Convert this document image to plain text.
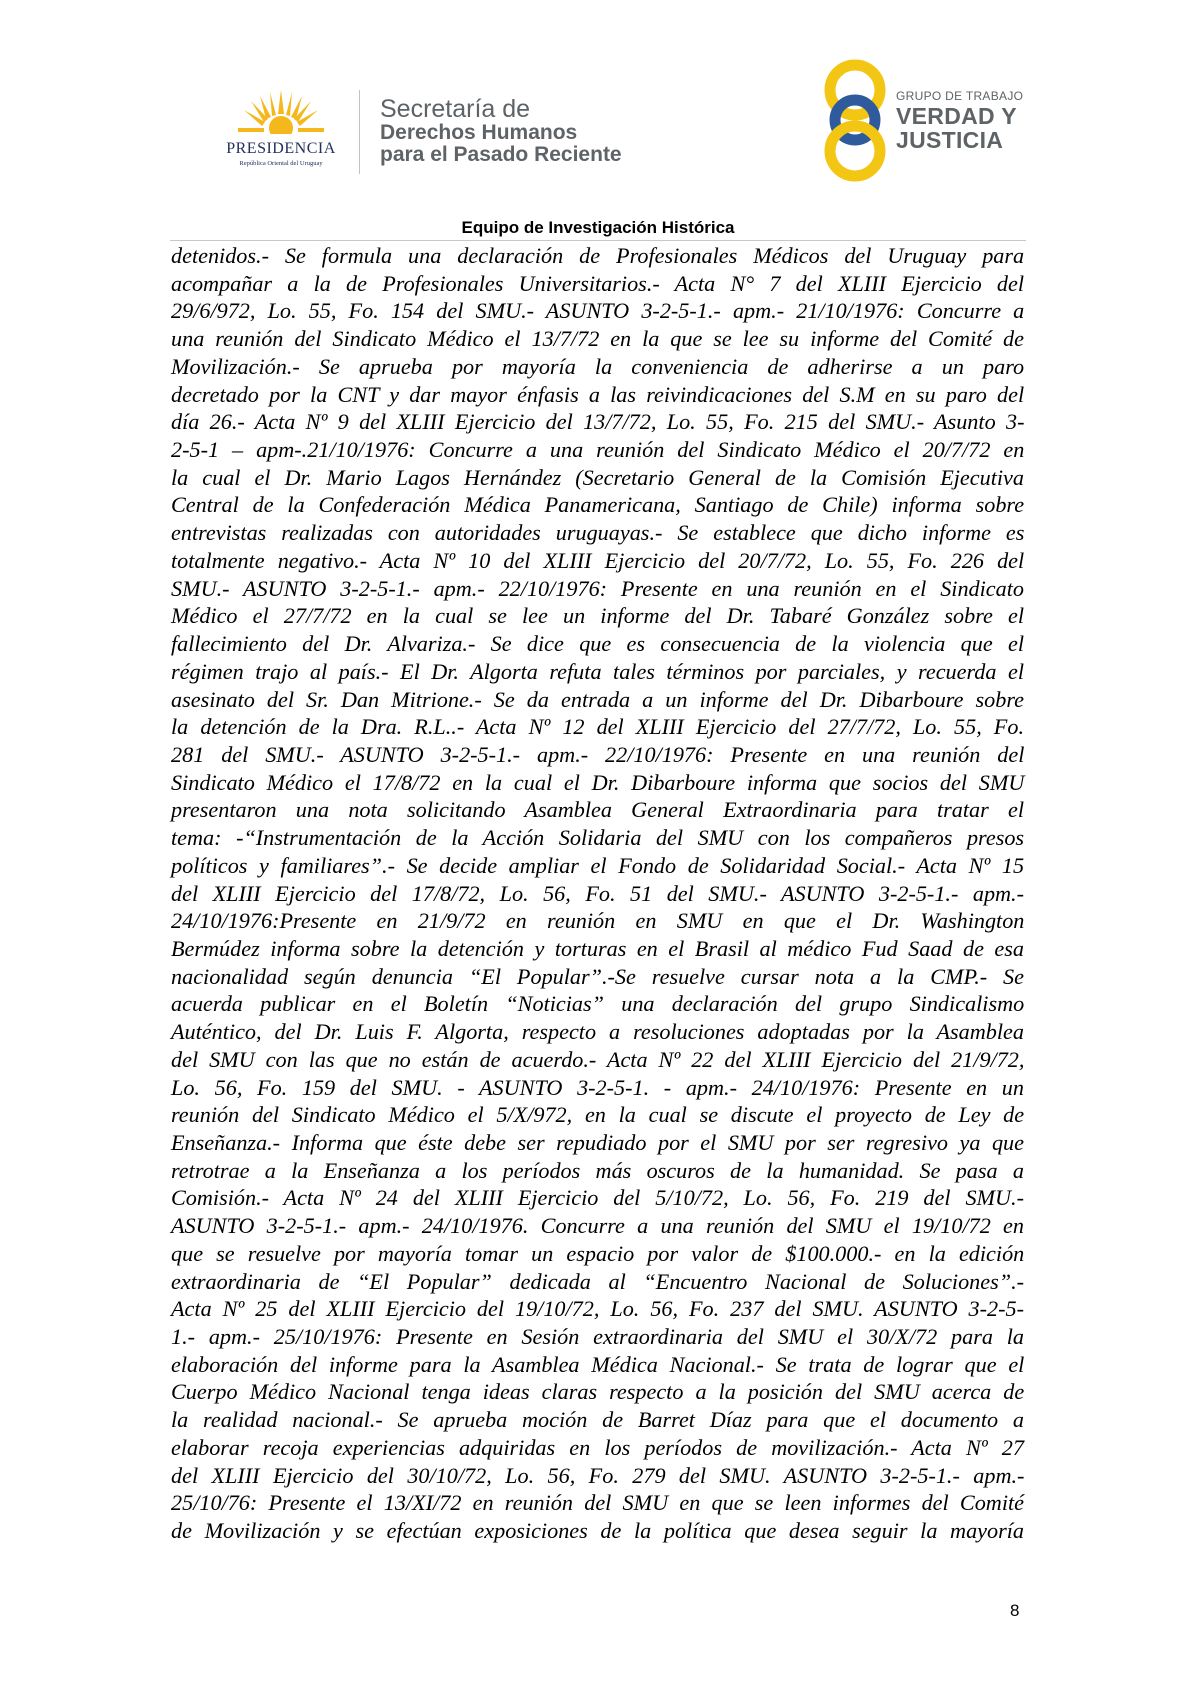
PRESIDENCIA
República Oriental del Uruguay
Secretaría de
Derechos Humanos
para el Pasado Reciente
GRUPO DE TRABAJO
VERDAD Y
JUSTICIA
Equipo de Investigación Histórica
detenidos.- Se formula una declaración de Profesionales Médicos del Uruguay para
acompañar a la de Profesionales Universitarios.- Acta N° 7 del XLIII Ejercicio del
29/6/972, Lo. 55, Fo. 154 del SMU.- ASUNTO 3-2-5-1.- apm.- 21/10/1976: Concurre a
una reunión del Sindicato Médico el 13/7/72 en la que se lee su informe del Comité de
Movilización.- Se aprueba por mayoría la conveniencia de adherirse a un paro
decretado por la CNT y dar mayor énfasis a las reivindicaciones del S.M en su paro del
día 26.- Acta Nº 9 del XLIII Ejercicio del 13/7/72, Lo. 55, Fo. 215 del SMU.- Asunto 3-
2-5-1 – apm-.21/10/1976: Concurre a una reunión del Sindicato Médico el 20/7/72 en
la cual el Dr. Mario Lagos Hernández (Secretario General de la Comisión Ejecutiva
Central de la Confederación Médica Panamericana, Santiago de Chile) informa sobre
entrevistas realizadas con autoridades uruguayas.- Se establece que dicho informe es
totalmente negativo.- Acta Nº 10 del XLIII Ejercicio del 20/7/72, Lo. 55, Fo. 226 del
SMU.- ASUNTO 3-2-5-1.- apm.- 22/10/1976: Presente en una reunión en el Sindicato
Médico el 27/7/72 en la cual se lee un informe del Dr. Tabaré González sobre el
fallecimiento del Dr. Alvariza.- Se dice que es consecuencia de la violencia que el
régimen trajo al país.- El Dr. Algorta refuta tales términos por parciales, y recuerda el
asesinato del Sr. Dan Mitrione.- Se da entrada a un informe del Dr. Dibarboure sobre
la detención de la Dra. R.L..- Acta Nº 12 del XLIII Ejercicio del 27/7/72, Lo. 55, Fo.
281 del SMU.- ASUNTO 3-2-5-1.- apm.- 22/10/1976: Presente en una reunión del
Sindicato Médico el 17/8/72 en la cual el Dr. Dibarboure informa que socios del SMU
presentaron una nota solicitando Asamblea General Extraordinaria para tratar el
tema: -“Instrumentación de la Acción Solidaria del SMU con los compañeros presos
políticos y familiares”.- Se decide ampliar el Fondo de Solidaridad Social.- Acta Nº 15
del XLIII Ejercicio del 17/8/72, Lo. 56, Fo. 51 del SMU.- ASUNTO 3-2-5-1.- apm.-
24/10/1976:Presente en 21/9/72 en reunión en SMU en que el Dr. Washington
Bermúdez informa sobre la detención y torturas en el Brasil al médico Fud Saad de esa
nacionalidad según denuncia “El Popular”.-Se resuelve cursar nota a la CMP.- Se
acuerda publicar en el Boletín “Noticias” una declaración del grupo Sindicalismo
Auténtico, del Dr. Luis F. Algorta, respecto a resoluciones adoptadas por la Asamblea
del SMU con las que no están de acuerdo.- Acta Nº 22 del XLIII Ejercicio del 21/9/72,
Lo. 56, Fo. 159 del SMU. - ASUNTO 3-2-5-1. - apm.- 24/10/1976: Presente en un
reunión del Sindicato Médico el 5/X/972, en la cual se discute el proyecto de Ley de
Enseñanza.- Informa que éste debe ser repudiado por el SMU por ser regresivo ya que
retrotrae a la Enseñanza a los períodos más oscuros de la humanidad. Se pasa a
Comisión.- Acta Nº 24 del XLIII Ejercicio del 5/10/72, Lo. 56, Fo. 219 del SMU.-
ASUNTO 3-2-5-1.- apm.- 24/10/1976. Concurre a una reunión del SMU el 19/10/72 en
que se resuelve por mayoría tomar un espacio por valor de $100.000.- en la edición
extraordinaria de “El Popular” dedicada al “Encuentro Nacional de Soluciones”.-
Acta Nº 25 del XLIII Ejercicio del 19/10/72, Lo. 56, Fo. 237 del SMU. ASUNTO 3-2-5-
1.- apm.- 25/10/1976: Presente en Sesión extraordinaria del SMU el 30/X/72 para la
elaboración del informe para la Asamblea Médica Nacional.- Se trata de lograr que el
Cuerpo Médico Nacional tenga ideas claras respecto a la posición del SMU acerca de
la realidad nacional.- Se aprueba moción de Barret Díaz para que el documento a
elaborar recoja experiencias adquiridas en los períodos de movilización.- Acta Nº 27
del XLIII Ejercicio del 30/10/72, Lo. 56, Fo. 279 del SMU. ASUNTO 3-2-5-1.- apm.-
25/10/76: Presente el 13/XI/72 en reunión del SMU en que se leen informes del Comité
de Movilización y se efectúan exposiciones de la política que desea seguir la mayoría
8
